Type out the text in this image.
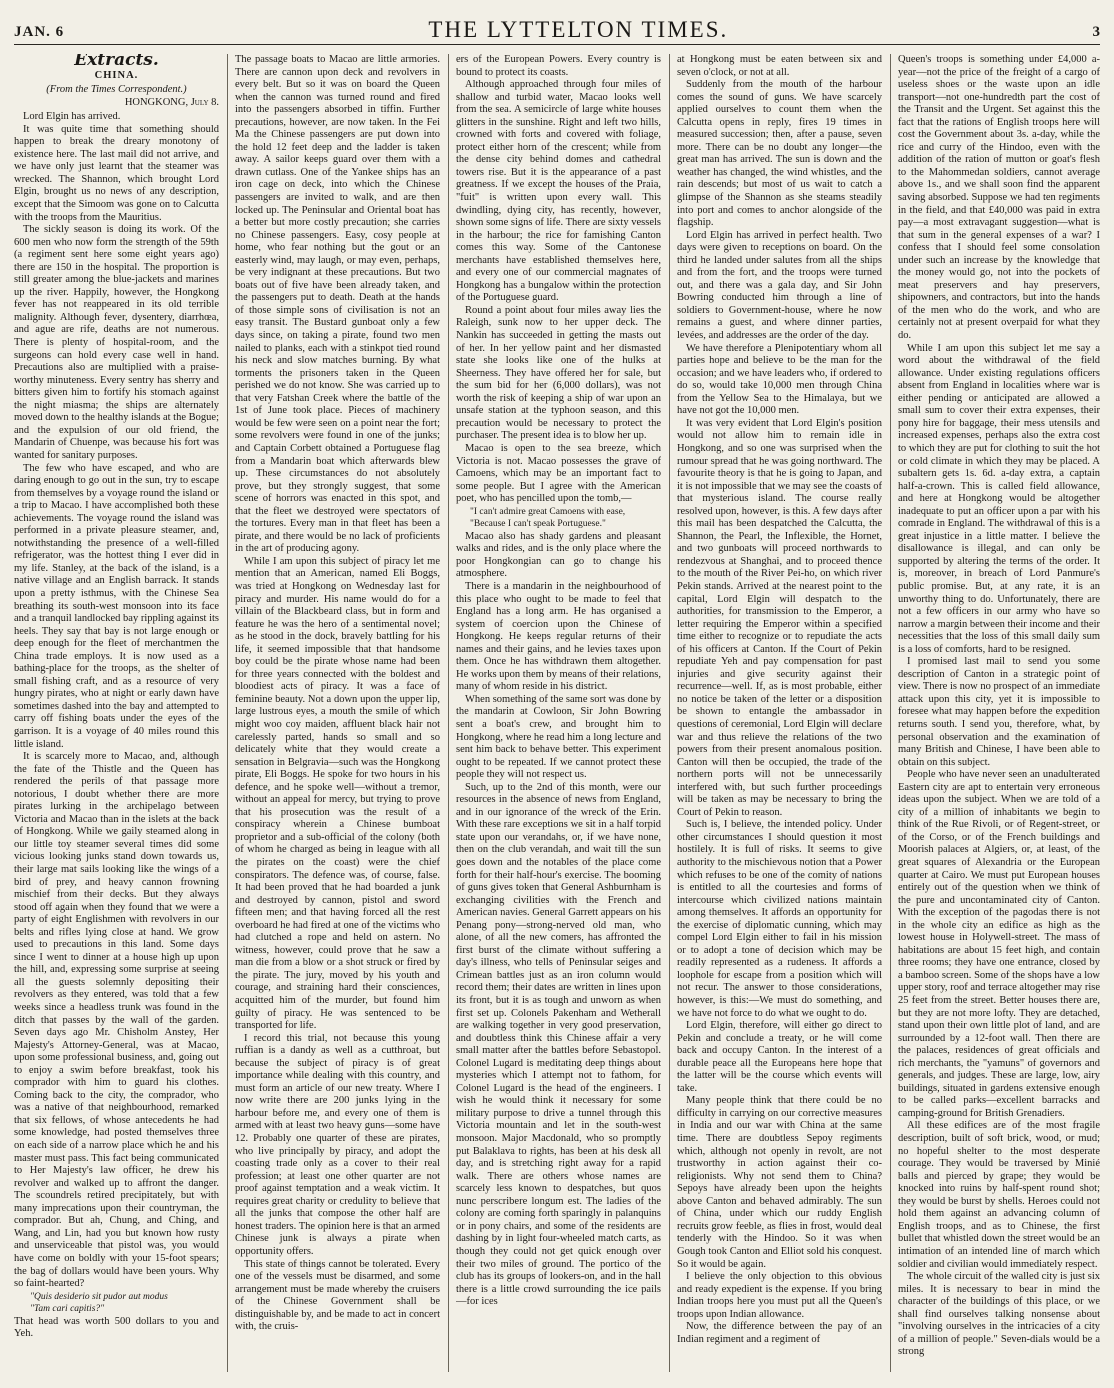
JAN. 6	THE LYTTELTON TIMES.	3

Extracts.

CHINA.

(From the Times Correspondent.)

HONGKONG, July 8.

Lord Elgin has arrived.

It was quite time that something should happen to break the dreary monotony of existence here. The last mail did not arrive, and we have only just learnt that the steamer was wrecked. The Shannon, which brought Lord Elgin, brought us no news of any description, except that the Simoom was gone on to Calcutta with the troops from the Mauritius.

The sickly season is doing its work. Of the 600 men who now form the strength of the 59th (a regiment sent here some eight years ago) there are 150 in the hospital. The proportion is still greater among the blue-jackets and marines up the river. Happily, however, the Hongkong fever has not reappeared in its old terrible malignity. Although fever, dysentery, diarrhœa, and ague are rife, deaths are not numerous. There is plenty of hospital-room, and the surgeons can hold every case well in hand. Precautions also are multiplied with a praise-worthy minuteness. Every sentry has sherry and bitters given him to fortify his stomach against the night miasma; the ships are alternately moved down to the healthy islands at the Bogue; and the expulsion of our old friend, the Mandarin of Chuenpe, was because his fort was wanted for sanitary purposes.

The few who have escaped, and who are daring enough to go out in the sun, try to escape from themselves by a voyage round the island or a trip to Macao. I have accomplished both these achievements. The voyage round the island was performed in a private pleasure steamer, and, notwithstanding the presence of a well-filled refrigerator, was the hottest thing I ever did in my life. Stanley, at the back of the island, is a native village and an English barrack. It stands upon a pretty isthmus, with the Chinese Sea breathing its south-west monsoon into its face and a tranquil landlocked bay rippling against its heels. They say that bay is not large enough or deep enough for the fleet of merchantmen the China trade employs. It is now used as a bathing-place for the troops, as the shelter of small fishing craft, and as a resource of very hungry pirates, who at night or early dawn have sometimes dashed into the bay and attempted to carry off fishing boats under the eyes of the garrison. It is a voyage of 40 miles round this little island.

It is scarcely more to Macao, and, although the fate of the Thistle and the Queen has rendered the perils of that passage more notorious, I doubt whether there are more pirates lurking in the archipelago between Victoria and Macao than in the islets at the back of Hongkong. While we gaily steamed along in our little toy steamer several times did some vicious looking junks stand down towards us, their large mat sails looking like the wings of a bird of prey, and heavy cannon frowning mischief from their decks. But they always stood off again when they found that we were a party of eight Englishmen with revolvers in our belts and rifles lying close at hand. We grow used to precautions in this land. Some days since I went to dinner at a house high up upon the hill, and, expressing some surprise at seeing all the guests solemnly depositing their revolvers as they entered, was told that a few weeks since a headless trunk was found in the ditch that passes by the wall of the garden. Seven days ago Mr. Chisholm Anstey, Her Majesty's Attorney-General, was at Macao, upon some professional business, and, going out to enjoy a swim before breakfast, took his comprador with him to guard his clothes. Coming back to the city, the comprador, who was a native of that neighbourhood, remarked that six fellows, of whose antecedents he had some knowledge, had posted themselves three on each side of a narrow place which he and his master must pass. This fact being communicated to Her Majesty's law officer, he drew his revolver and walked up to affront the danger. The scoundrels retired precipitately, but with many imprecations upon their countryman, the comprador. But ah, Chung, and Ching, and Wang, and Lin, had you but known how rusty and unserviceable that pistol was, you would have come on boldly with your 15-foot spears; the bag of dollars would have been yours. Why so faint-hearted?

"Quis desiderio sit pudor aut modus

"Tam cari capitis?"

That head was worth 500 dollars to you and Yeh.

The passage boats to Macao are little armories. There are cannon upon deck and revolvers in every belt. But so it was on board the Queen when the cannon was turned round and fired into the passengers absorbed in tiffin. Further precautions, however, are now taken. In the Fei Ma the Chinese passengers are put down into the hold 12 feet deep and the ladder is taken away. A sailor keeps guard over them with a drawn cutlass. One of the Yankee ships has an iron cage on deck, into which the Chinese passengers are invited to walk, and are then locked up. The Peninsular and Oriental boat has a better but more costly precaution; she carries no Chinese passengers. Easy, cosy people at home, who fear nothing but the gout or an easterly wind, may laugh, or may even, perhaps, be very indignant at these precautions. But two boats out of five have been already taken, and the passengers put to death. Death at the hands of those simple sons of civilisation is not an easy transit. The Bustard gunboat only a few days since, on taking a pirate, found two men nailed to planks, each with a stinkpot tied round his neck and slow matches burning. By what torments the prisoners taken in the Queen perished we do not know. She was carried up to that very Fatshan Creek where the battle of the 1st of June took place. Pieces of machinery would be few were seen on a point near the fort; some revolvers were found in one of the junks; and Captain Corbett obtained a Portuguese flag from a Mandarin boat which afterwards blew up. These circumstances do not absolutely prove, but they strongly suggest, that some scene of horrors was enacted in this spot, and that the fleet we destroyed were spectators of the tortures. Every man in that fleet has been a pirate, and there would be no lack of proficients in the art of producing agony.

While I am upon this subject of piracy let me mention that an American, named Eli Boggs, was tried at Hongkong on Wednesday last for piracy and murder. His name would do for a villain of the Blackbeard class, but in form and feature he was the hero of a sentimental novel; as he stood in the dock, bravely battling for his life, it seemed impossible that that handsome boy could be the pirate whose name had been for three years connected with the boldest and bloodiest acts of piracy. It was a face of feminine beauty. Not a down upon the upper lip, large lustrous eyes, a mouth the smile of which might woo coy maiden, affluent black hair not carelessly parted, hands so small and so delicately white that they would create a sensation in Belgravia—such was the Hongkong pirate, Eli Boggs. He spoke for two hours in his defence, and he spoke well—without a tremor, without an appeal for mercy, but trying to prove that his prosecution was the result of a conspiracy wherein a Chinese bumboat proprietor and a sub-official of the colony (both of whom he charged as being in league with all the pirates on the coast) were the chief conspirators. The defence was, of course, false. It had been proved that he had boarded a junk and destroyed by cannon, pistol and sword fifteen men; and that having forced all the rest overboard he had fired at one of the victims who had clutched a rope and held on astern. No witness, however, could prove that he saw a man die from a blow or a shot struck or fired by the pirate. The jury, moved by his youth and courage, and straining hard their consciences, acquitted him of the murder, but found him guilty of piracy. He was sentenced to be transported for life.

I record this trial, not because this young ruffian is a dandy as well as a cutthroat, but because the subject of piracy is of great importance while dealing with this country, and must form an article of our new treaty. Where I now write there are 200 junks lying in the harbour before me, and every one of them is armed with at least two heavy guns—some have 12. Probably one quarter of these are pirates, who live principally by piracy, and adopt the coasting trade only as a cover to their real profession; at least one other quarter are not proof against temptation and a weak victim. It requires great charity or credulity to believe that all the junks that compose the other half are honest traders. The opinion here is that an armed Chinese junk is always a pirate when opportunity offers.

This state of things cannot be tolerated. Every one of the vessels must be disarmed, and some arrangement must be made whereby the cruisers of the Chinese Government shall be distinguishable by, and be made to act in concert with, the cruis-

ers of the European Powers. Every country is bound to protect its coasts.

Although approached through four miles of shallow and turbid water, Macao looks well from the sea. A semicircle of large white houses glitters in the sunshine. Right and left two hills, crowned with forts and covered with foliage, protect either horn of the crescent; while from the dense city behind domes and cathedral towers rise. But it is the appearance of a past greatness. If we except the houses of the Praia, "fuit" is written upon every wall. This dwindling, dying city, has recently, however, shown some signs of life. There are sixty vessels in the harbour; the rice for famishing Canton comes this way. Some of the Cantonese merchants have established themselves here, and every one of our commercial magnates of Hongkong has a bungalow within the protection of the Portuguese guard.

Round a point about four miles away lies the Raleigh, sunk now to her upper deck. The Nankin has succeeded in getting the masts out of her. In her yellow paint and her dismasted state she looks like one of the hulks at Sheerness. They have offered her for sale, but the sum bid for her (6,000 dollars), was not worth the risk of keeping a ship of war upon an unsafe station at the typhoon season, and this precaution would be necessary to protect the purchaser. The present idea is to blow her up.

Macao is open to the sea breeze, which Victoria is not. Macao possesses the grave of Camoens, which may be an important fact to some people. But I agree with the American poet, who has pencilled upon the tomb,—

"I can't admire great Camoens with ease,

"Because I can't speak Portuguese."

Macao also has shady gardens and pleasant walks and rides, and is the only place where the poor Hongkongian can go to change his atmosphere.

There is a mandarin in the neighbourhood of this place who ought to be made to feel that England has a long arm. He has organised a system of coercion upon the Chinese of Hongkong. He keeps regular returns of their names and their gains, and he levies taxes upon them. Once he has withdrawn them altogether. He works upon them by means of their relations, many of whom reside in his district.

When something of the same sort was done by the mandarin at Cowloon, Sir John Bowring sent a boat's crew, and brought him to Hongkong, where he read him a long lecture and sent him back to behave better. This experiment ought to be repeated. If we cannot protect these people they will not respect us.

Such, up to the 2nd of this month, were our resources in the absence of news from England, and in our ignorance of the wreck of the Erin. With these rare exceptions we sit in a half torpid state upon our verandahs, or, if we have none, then on the club verandah, and wait till the sun goes down and the notables of the place come forth for their half-hour's exercise. The booming of guns gives token that General Ashburnham is exchanging civilities with the French and American navies. General Garrett appears on his Penang pony—strong-nerved old man, who alone, of all the new comers, has affronted the first burst of the climate without suffering a day's illness, who tells of Peninsular seiges and Crimean battles just as an iron column would record them; their dates are written in lines upon its front, but it is as tough and unworn as when first set up. Colonels Pakenham and Wetherall are walking together in very good preservation, and doubtless think this Chinese affair a very small matter after the battles before Sebastopol. Colonel Lugard is meditating deep things about mysteries which I attempt not to fathom, for Colonel Lugard is the head of the engineers. I wish he would think it necessary for some military purpose to drive a tunnel through this Victoria mountain and let in the south-west monsoon. Major Macdonald, who so promptly put Balaklava to rights, has been at his desk all day, and is stretching right away for a rapid walk. There are others whose names are scarcely less known to despatches, but quos nunc perscribere longum est. The ladies of the colony are coming forth sparingly in palanquins or in pony chairs, and some of the residents are dashing by in light four-wheeled match carts, as though they could not get quick enough over their two miles of ground. The portico of the club has its groups of lookers-on, and in the hall there is a little crowd surrounding the ice pails—for ices

at Hongkong must be eaten between six and seven o'clock, or not at all.

Suddenly from the mouth of the harbour comes the sound of guns. We have scarcely applied ourselves to count them when the Calcutta opens in reply, fires 19 times in measured succession; then, after a pause, seven more. There can be no doubt any longer—the great man has arrived. The sun is down and the weather has changed, the wind whistles, and the rain descends; but most of us wait to catch a glimpse of the Shannon as she steams steadily into port and comes to anchor alongside of the flagship.

Lord Elgin has arrived in perfect health. Two days were given to receptions on board. On the third he landed under salutes from all the ships and from the fort, and the troops were turned out, and there was a gala day, and Sir John Bowring conducted him through a line of soldiers to Government-house, where he now remains a guest, and where dinner parties, levées, and addresses are the order of the day.

We have therefore a Plenipotentiary whom all parties hope and believe to be the man for the occasion; and we have leaders who, if ordered to do so, would take 10,000 men through China from the Yellow Sea to the Himalaya, but we have not got the 10,000 men.

It was very evident that Lord Elgin's position would not allow him to remain idle in Hongkong, and so one was surprised when the rumour spread that he was going northward. The favourite theory is that he is going to Japan, and it is not impossible that we may see the coasts of that mysterious island. The course really resolved upon, however, is this. A few days after this mail has been despatched the Calcutta, the Shannon, the Pearl, the Inflexible, the Hornet, and two gunboats will proceed northwards to rendezvous at Shanghai, and to proceed thence to the mouth of the River Pei-ho, on which river Pekin stands. Arrived at the nearest point to the capital, Lord Elgin will despatch to the authorities, for transmission to the Emperor, a letter requiring the Emperor within a specified time either to recognize or to repudiate the acts of his officers at Canton. If the Court of Pekin repudiate Yeh and pay compensation for past injuries and give security against their recurrence—well. If, as is most probable, either no notice be taken of the letter or a disposition be shown to entangle the ambassador in questions of ceremonial, Lord Elgin will declare war and thus relieve the relations of the two powers from their present anomalous position. Canton will then be occupied, the trade of the northern ports will not be unnecessarily interfered with, but such further proceedings will be taken as may be necessary to bring the Court of Pekin to reason.

Such is, I believe, the intended policy. Under other circumstances I should question it most hostilely. It is full of risks. It seems to give authority to the mischievous notion that a Power which refuses to be one of the comity of nations is entitled to all the courtesies and forms of intercourse which civilized nations maintain among themselves. It affords an opportunity for the exercise of diplomatic cunning, which may compel Lord Elgin either to fail in his mission or to adopt a tone of decision which may be readily represented as a rudeness. It affords a loophole for escape from a position which will not recur. The answer to those considerations, however, is this:—We must do something, and we have not force to do what we ought to do.

Lord Elgin, therefore, will either go direct to Pekin and conclude a treaty, or he will come back and occupy Canton. In the interest of a durable peace all the Europeans here hope that the latter will be the course which events will take.

Many people think that there could be no difficulty in carrying on our corrective measures in India and our war with China at the same time. There are doubtless Sepoy regiments which, although not openly in revolt, are not trustworthy in action against their co-religionists. Why not send them to China? Sepoys have already been upon the heights above Canton and behaved admirably. The sun of China, under which our ruddy English recruits grow feeble, as flies in frost, would deal tenderly with the Hindoo. So it was when Gough took Canton and Elliot sold his conquest. So it would be again.

I believe the only objection to this obvious and ready expedient is the expense. If you bring Indian troops here you must put all the Queen's troops upon Indian allowance.

Now, the difference between the pay of an Indian regiment and a regiment of

Queen's troops is something under £4,000 a-year—not the price of the freight of a cargo of useless shoes or the waste upon an idle transport—not one-hundredth part the cost of the Transit and the Urgent. Set against this the fact that the rations of English troops here will cost the Government about 3s. a-day, while the rice and curry of the Hindoo, even with the addition of the ration of mutton or goat's flesh to the Mahommedan soldiers, cannot average above 1s., and we shall soon find the apparent saving absorbed. Suppose we had ten regiments in the field, and that £40,000 was paid in extra pay—a most extravagant suggestion—what is that sum in the general expenses of a war? I confess that I should feel some consolation under such an increase by the knowledge that the money would go, not into the pockets of meat preservers and hay preservers, shipowners, and contractors, but into the hands of the men who do the work, and who are certainly not at present overpaid for what they do.

While I am upon this subject let me say a word about the withdrawal of the field allowance. Under existing regulations officers absent from England in localities where war is either pending or anticipated are allowed a small sum to cover their extra expenses, their pony hire for baggage, their mess utensils and increased expenses, perhaps also the extra cost to which they are put for clothing to suit the hot or cold climate in which they may be placed. A subaltern gets 1s. 6d. a-day extra, a captain half-a-crown. This is called field allowance, and here at Hongkong would be altogether inadequate to put an officer upon a par with his comrade in England. The withdrawal of this is a great injustice in a little matter. I believe the disallowance is illegal, and can only be supported by altering the terms of the order. It is, moreover, in breach of Lord Panmure's public promise. But, at any rate, it is an unworthy thing to do. Unfortunately, there are not a few officers in our army who have so narrow a margin between their income and their necessities that the loss of this small daily sum is a loss of comforts, hard to be resigned.

I promised last mail to send you some description of Canton in a strategic point of view. There is now no prospect of an immediate attack upon this city, yet it is impossible to foresee what may happen before the expedition returns south. I send you, therefore, what, by personal observation and the examination of many British and Chinese, I have been able to obtain on this subject.

People who have never seen an unadulterated Eastern city are apt to entertain very erroneous ideas upon the subject. When we are told of a city of a million of inhabitants we begin to think of the Rue Rivoli, or of Regent-street, or of the Corso, or of the French buildings and Moorish palaces at Algiers, or, at least, of the great squares of Alexandria or the European quarter at Cairo. We must put European houses entirely out of the question when we think of the pure and uncontaminated city of Canton. With the exception of the pagodas there is not in the whole city an edifice as high as the lowest house in Holywell-street. The mass of habitations are about 15 feet high, and contain three rooms; they have one entrance, closed by a bamboo screen. Some of the shops have a low upper story, roof and terrace altogether may rise 25 feet from the street. Better houses there are, but they are not more lofty. They are detached, stand upon their own little plot of land, and are surrounded by a 12-foot wall. Then there are the palaces, residences of great officials and rich merchants, the "yamuns" of governors and generals, and judges. These are large, low, airy buildings, situated in gardens extensive enough to be called parks—excellent barracks and camping-ground for British Grenadiers.

All these edifices are of the most fragile description, built of soft brick, wood, or mud; no hopeful shelter to the most desperate courage. They would be traversed by Minié balls and pierced by grape; they would be knocked into ruins by half-spent round shot; they would be burst by shells. Heroes could not hold them against an advancing column of English troops, and as to Chinese, the first bullet that whistled down the street would be an intimation of an intended line of march which soldier and civilian would immediately respect.

The whole circuit of the walled city is just six miles. It is necessary to bear in mind the character of the buildings of this place, or we shall find ourselves talking nonsense about "involving ourselves in the intricacies of a city of a million of people." Seven-dials would be a strong
